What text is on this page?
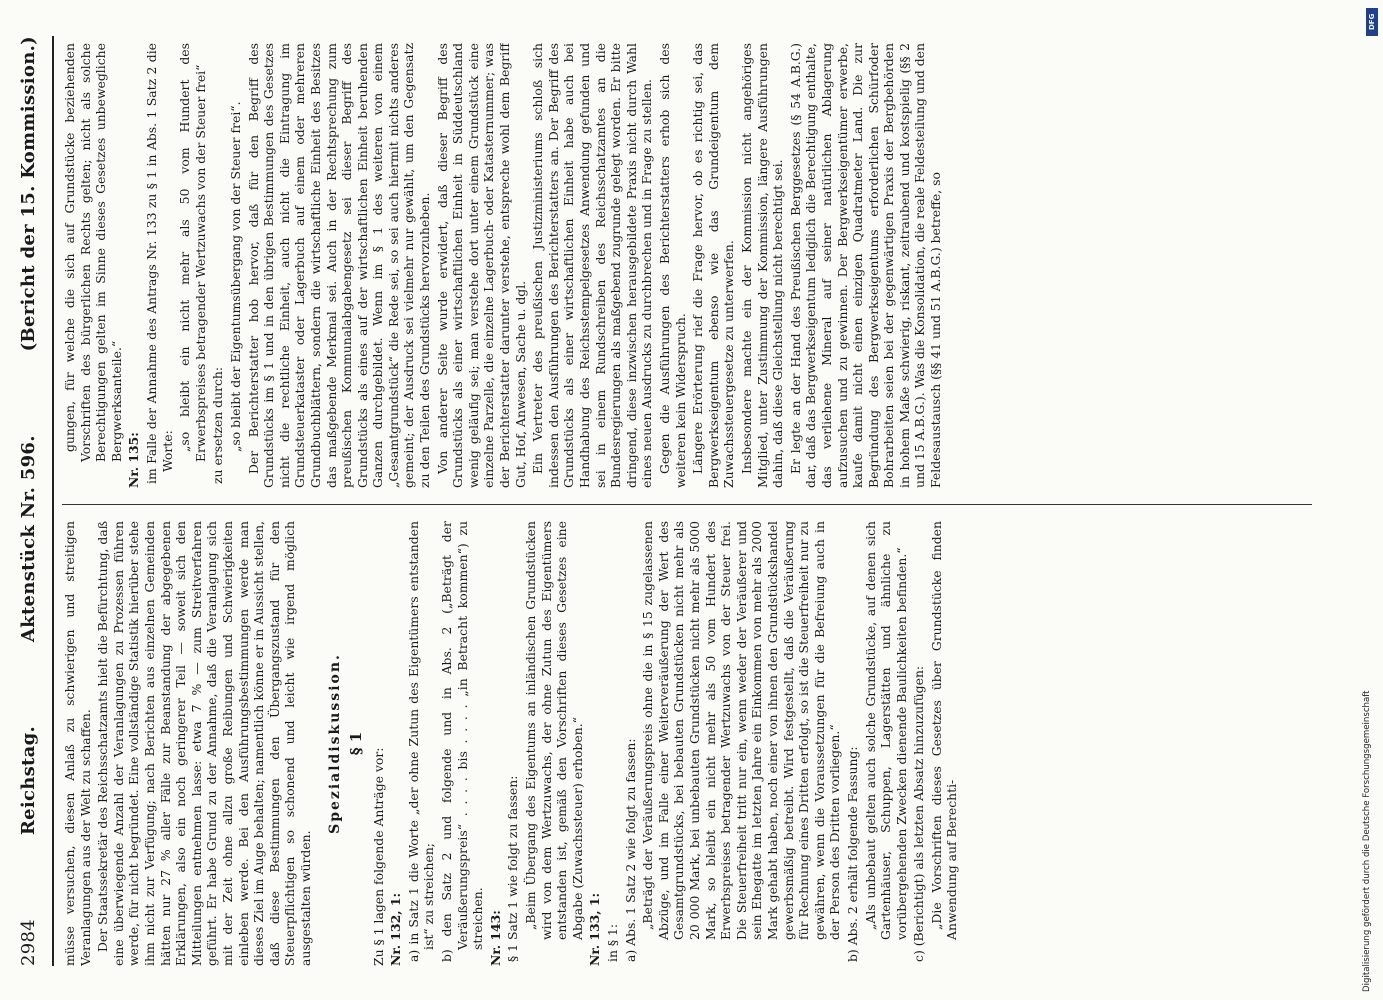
2984
Reichstag.
Aktenstück Nr. 596.
(Bericht der 15. Kommission.)

müsse versuchen, diesen Anlaß zu schwierigen und streitigen Veranlagungen aus der Welt zu schaffen. Der Staatssekretär des Reichsschatzamts hielt die Befürchtung, daß eine überwiegende Anzahl der Veranlagungen zu Prozessen führen werde, für nicht begründet. Eine vollständige Statistik hierüber stehe ihm nicht zur Verfügung; nach Berichten aus einzelnen Gemeinden hätten nur 27 % aller Fälle zur Beanstandung der abgegebenen Erklärungen, also ein noch geringerer Teil — soweit sich den Mitteilungen entnehmen lasse: etwa 7 % — zum Streitverfahren geführt. Er habe Grund zu der Annahme, daß die Veranlagung sich mit der Zeit ohne allzu große Reibungen und Schwierigkeiten einleben werde. Bei den Ausführungsbestimmungen werde man dieses Ziel im Auge behalten; namentlich könne er in Aussicht stellen, daß diese Bestimmungen den Übergangszustand für den Steuerpflichtigen so schonend und leicht wie irgend möglich ausgestalten würden.

Spezialdiskussion. § 1

Zu § 1 lagen folgende Anträge vor: Nr. 132, 1: a) in Satz 1 die Worte „der ohne Zutun des Eigentümers entstanden ist“ zu streichen; b) den Satz 2 und folgende und in Abs. 2 („Beträgt der Veräußerungspreis“ . . . . bis . . . . „in Betracht kommen“) zu streichen. Nr. 143: § 1 Satz 1 wie folgt zu fassen: „Beim Übergang des Eigentums an inländischen Grundstücken wird von dem Wertzuwachs, der ohne Zutun des Eigentümers entstanden ist, gemäß den Vorschriften dieses Gesetzes eine Abgabe (Zuwachssteuer) erhoben.“ Nr. 133, 1: in § 1: a) Abs. 1 Satz 2 wie folgt zu fassen: „Beträgt der Veräußerungspreis ohne die in § 15 zugelassenen Abzüge, und im Falle einer Weiterveräußerung der Wert des Gesamtgrundstücks, bei bebauten Grundstücken nicht mehr als 20 000 Mark, bei unbebauten Grundstücken nicht mehr als 5000 Mark, so bleibt ein nicht mehr als 50 vom Hundert des Erwerbspreises betragender Wertzuwachs von der Steuer frei. Die Steuerfreiheit tritt nur ein, wenn weder der Veräußerer und sein Ehegatte im letzten Jahre ein Einkommen von mehr als 2000 Mark gehabt haben, noch einer von ihnen den Grundstückshandel gewerbsmäßig betreibt. Wird festgestellt, daß die Veräußerung für Rechnung eines Dritten erfolgt, so ist die Steuerfreiheit nur zu gewähren, wenn die Voraussetzungen für die Befreiung auch in der Person des Dritten vorliegen.“ b) Abs. 2 erhält folgende Fassung: „Als unbebaut gelten auch solche Grundstücke, auf denen sich Gartenhäuser, Schuppen, Lagerstätten und ähnliche zu vorübergehenden Zwecken dienende Baulichkeiten befinden.“ c) (Berichtigt) als letzten Absatz hinzuzufügen: „Die Vorschriften dieses Gesetzes über Grundstücke finden Anwendung auf Berechti-
gungen, für welche die sich auf Grundstücke beziehenden Vorschriften des bürgerlichen Rechts gelten; nicht als solche Berechtigungen gelten im Sinne dieses Gesetzes unbewegliche Bergwerksanteile.“ Nr. 135: im Falle der Annahme des Antrags Nr. 133 zu § 1 in Abs. 1 Satz 2 die Worte: „so bleibt ein nicht mehr als 50 vom Hundert des Erwerbspreises betragender Wertzuwachs von der Steuer frei“ zu ersetzen durch: „so bleibt der Eigentumsübergang von der Steuer frei“. Der Berichterstatter hob hervor, daß für den Begriff des Grundstücks im § 1 und in den übrigen Bestimmungen des Gesetzes nicht die rechtliche Einheit, auch nicht die Eintragung im Grundsteuerkataster oder Lagerbuch auf einem oder mehreren Grundbuchblättern, sondern die wirtschaftliche Einheit des Besitzes das maßgebende Merkmal sei. Auch in der Rechtsprechung zum preußischen Kommunalabgabengesetz sei dieser Begriff des Grundstücks als eines auf der wirtschaftlichen Einheit beruhenden Ganzen durchgebildet. Wenn im § 1 des weiteren von einem „Gesamtgrundstück“ die Rede sei, so sei auch hiermit nichts anderes gemeint; der Ausdruck sei vielmehr nur gewählt, um den Gegensatz zu den Teilen des Grundstücks hervorzuheben. Von anderer Seite wurde erwidert, daß dieser Begriff des Grundstücks als einer wirtschaftlichen Einheit in Süddeutschland wenig geläufig sei; man verstehe dort unter einem Grundstück eine einzelne Parzelle, die einzelne Lagerbuch- oder Katasternummer; was der Berichterstatter darunter verstehe, entspreche wohl dem Begriff Gut, Hof, Anwesen, Sache u. dgl. Ein Vertreter des preußischen Justizministeriums schloß sich indessen den Ausführungen des Berichterstatters an. Der Begriff des Grundstücks als einer wirtschaftlichen Einheit habe auch bei Handhabung des Reichsstempelgesetzes Anwendung gefunden und sei in einem Rundschreiben des Reichsschatzamtes an die Bundesregierungen als maßgebend zugrunde gelegt worden. Er bitte dringend, diese inzwischen herausgebildete Praxis nicht durch Wahl eines neuen Ausdrucks zu durchbrechen und in Frage zu stellen. Gegen die Ausführungen des Berichterstatters erhob sich des weiteren kein Widerspruch. Längere Erörterung rief die Frage hervor, ob es richtig sei, das Bergwerkseigentum ebenso wie das Grundeigentum dem Zuwachssteuergesetze zu unterwerfen. Insbesondere machte ein der Kommission nicht angehöriges Mitglied, unter Zustimmung der Kommission, längere Ausführungen dahin, daß diese Gleichstellung nicht berechtigt sei. Er legte an der Hand des Preußischen Berggesetzes (§ 54 A.B.G.) dar, daß das Bergwerkseigentum lediglich die Berechtigung enthalte, das verliehene Mineral auf seiner natürlichen Ablagerung aufzusuchen und zu gewinnen. Der Bergwerkseigentümer erwerbe, kaufe damit nicht einen einzigen Quadratmeter Land. Die zur Begründung des Bergwerkseigentums erforderlichen Schürfoder Bohrarbeiten seien bei der gegenwärtigen Praxis der Bergbehörden in hohem Maße schwierig, riskant, zeitraubend und kostspielig (§§ 2 und 15 A.B.G.). Was die Konsolidation, die reale Feldesteilung und den Feldesaustausch (§§ 41 und 51 A.B.G.) betreffe, so

DFG
Digitalisierung gefördert durch die Deutsche Forschungsgemeinschaft
